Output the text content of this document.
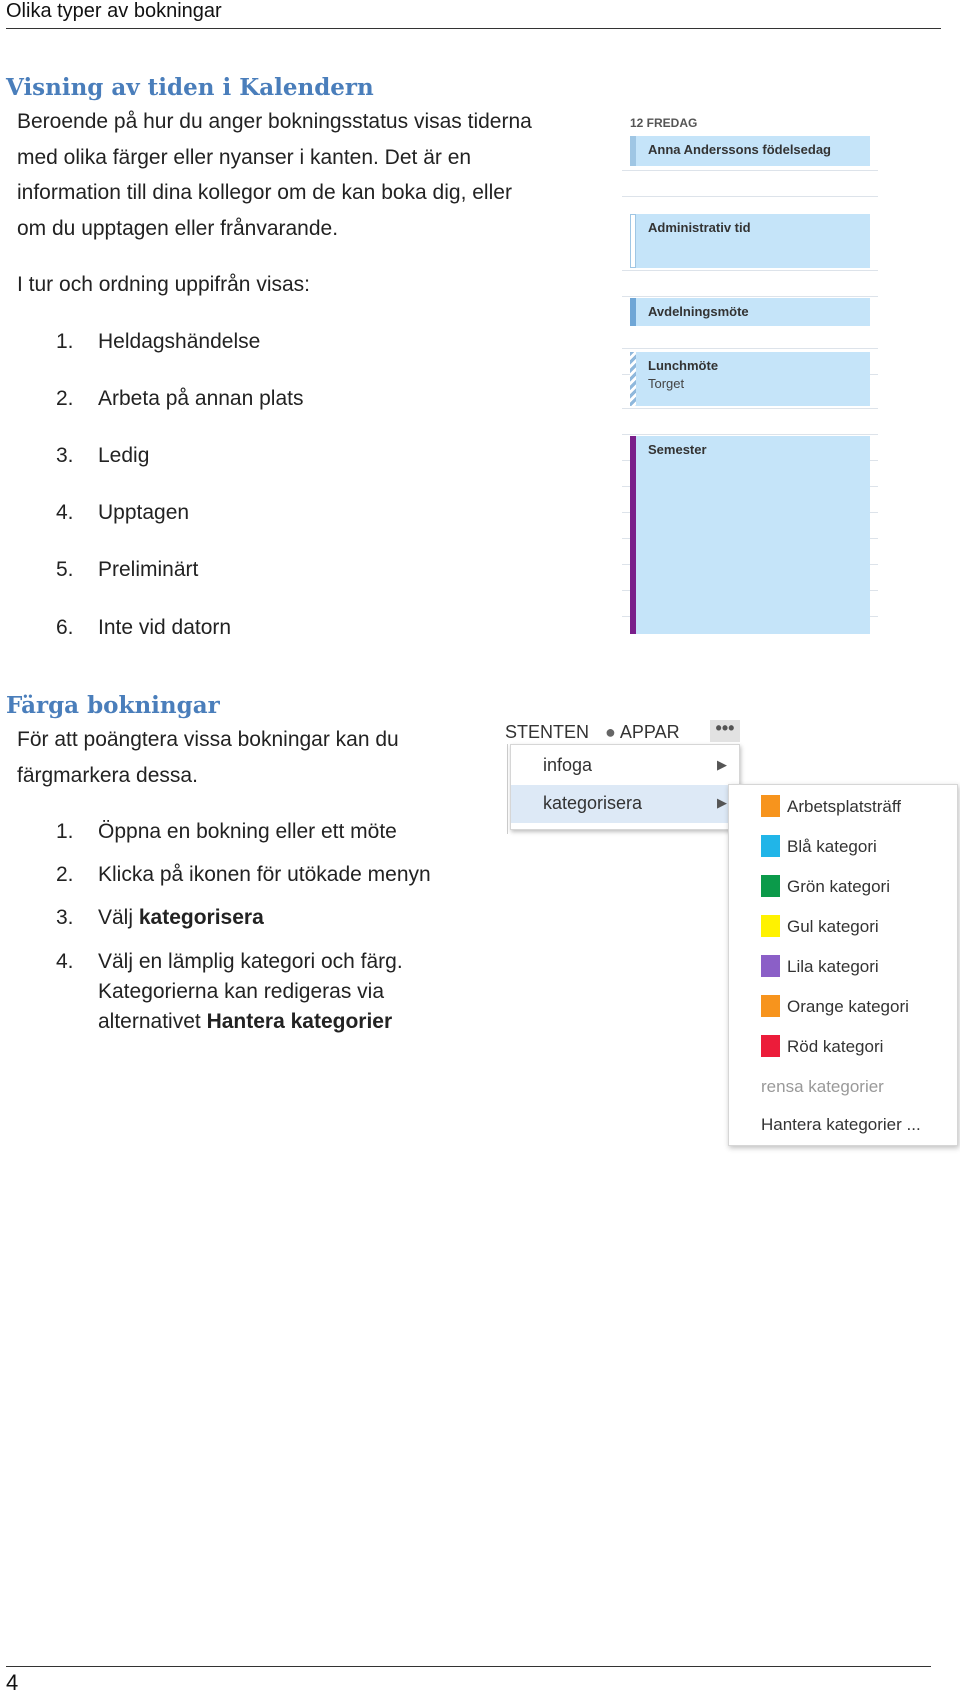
Olika typer av bokningar
Visning av tiden i Kalendern
Beroende på hur du anger bokningsstatus visas tiderna
med olika färger eller nyanser i kanten. Det är en
information till dina kollegor om de kan boka dig, eller
om du upptagen eller frånvarande.
I tur och ordning uppifrån visas:
1. Heldagshändelse
2. Arbeta på annan plats
3. Ledig
4. Upptagen
5. Preliminärt
6. Inte vid datorn
12 FREDAG
Anna Anderssons födelsedag
Administrativ tid
Avdelningsmöte
Lunchmöte
Torget
Semester
Färga bokningar
För att poängtera vissa bokningar kan du
färgmarkera dessa.
1. Öppna en bokning eller ett möte
2. Klicka på ikonen för utökade menyn
3. Välj kategorisera
4. Välj en lämplig kategori och färg.
Kategorierna kan redigeras via
alternativet Hantera kategorier
STENTEN ● APPAR	•••
infoga	▶
kategorisera	▶	Arbetsplatsträff
Blå kategori
Grön kategori
Gul kategori
Lila kategori
Orange kategori
Röd kategori
rensa kategorier
Hantera kategorier ...
4
